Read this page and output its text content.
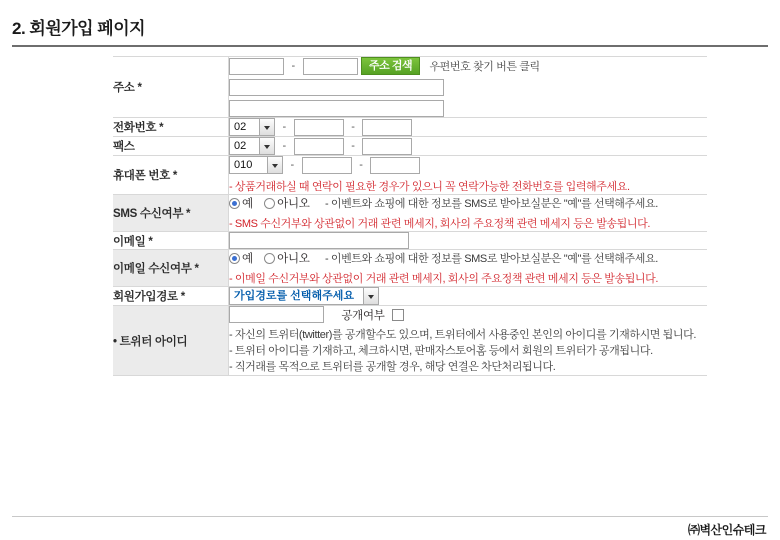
2. 회원가입 페이지
주소 *	- 주소 검색 우편번호 찾기 버튼 클릭

전화번호 *	02 - -
팩스	02 - -
휴대폰 번호 *	010 - -
- 상품거래하실 때 연락이 필요한 경우가 있으니 꼭 연락가능한 전화번호를 입력해주세요.

SMS 수신여부 *	예 아니오 - 이벤트와 쇼핑에 대한 정보를 SMS로 받아보실분은 "예"를 선택해주세요.
- SMS 수신거부와 상관없이 거래 관련 메세지, 회사의 주요정책 관련 메세지 등은 발송됩니다.

이메일 *	
이메일 수신여부 *	예 아니오 - 이벤트와 쇼핑에 대한 정보를 SMS로 받아보실분은 "예"를 선택해주세요.
- 이메일 수신거부와 상관없이 거래 관련 메세지, 회사의 주요정책 관련 메세지 등은 발송됩니다.

회원가입경로 *	가입경로를 선택해주세요

• 트위터 아이디	공개여부
- 자신의 트위터(twitter)를 공개할수도 있으며, 트위터에서 사용중인 본인의 아이디를 기재하시면 됩니다.
- 트위터 아이디를 기재하고, 체크하시면, 판매자스토어홈 등에서 회원의 트위터가 공개됩니다.
- 직거래를 목적으로 트위터를 공개할 경우, 해당 연결은 차단처리됩니다.
㈜벽산인슈테크
